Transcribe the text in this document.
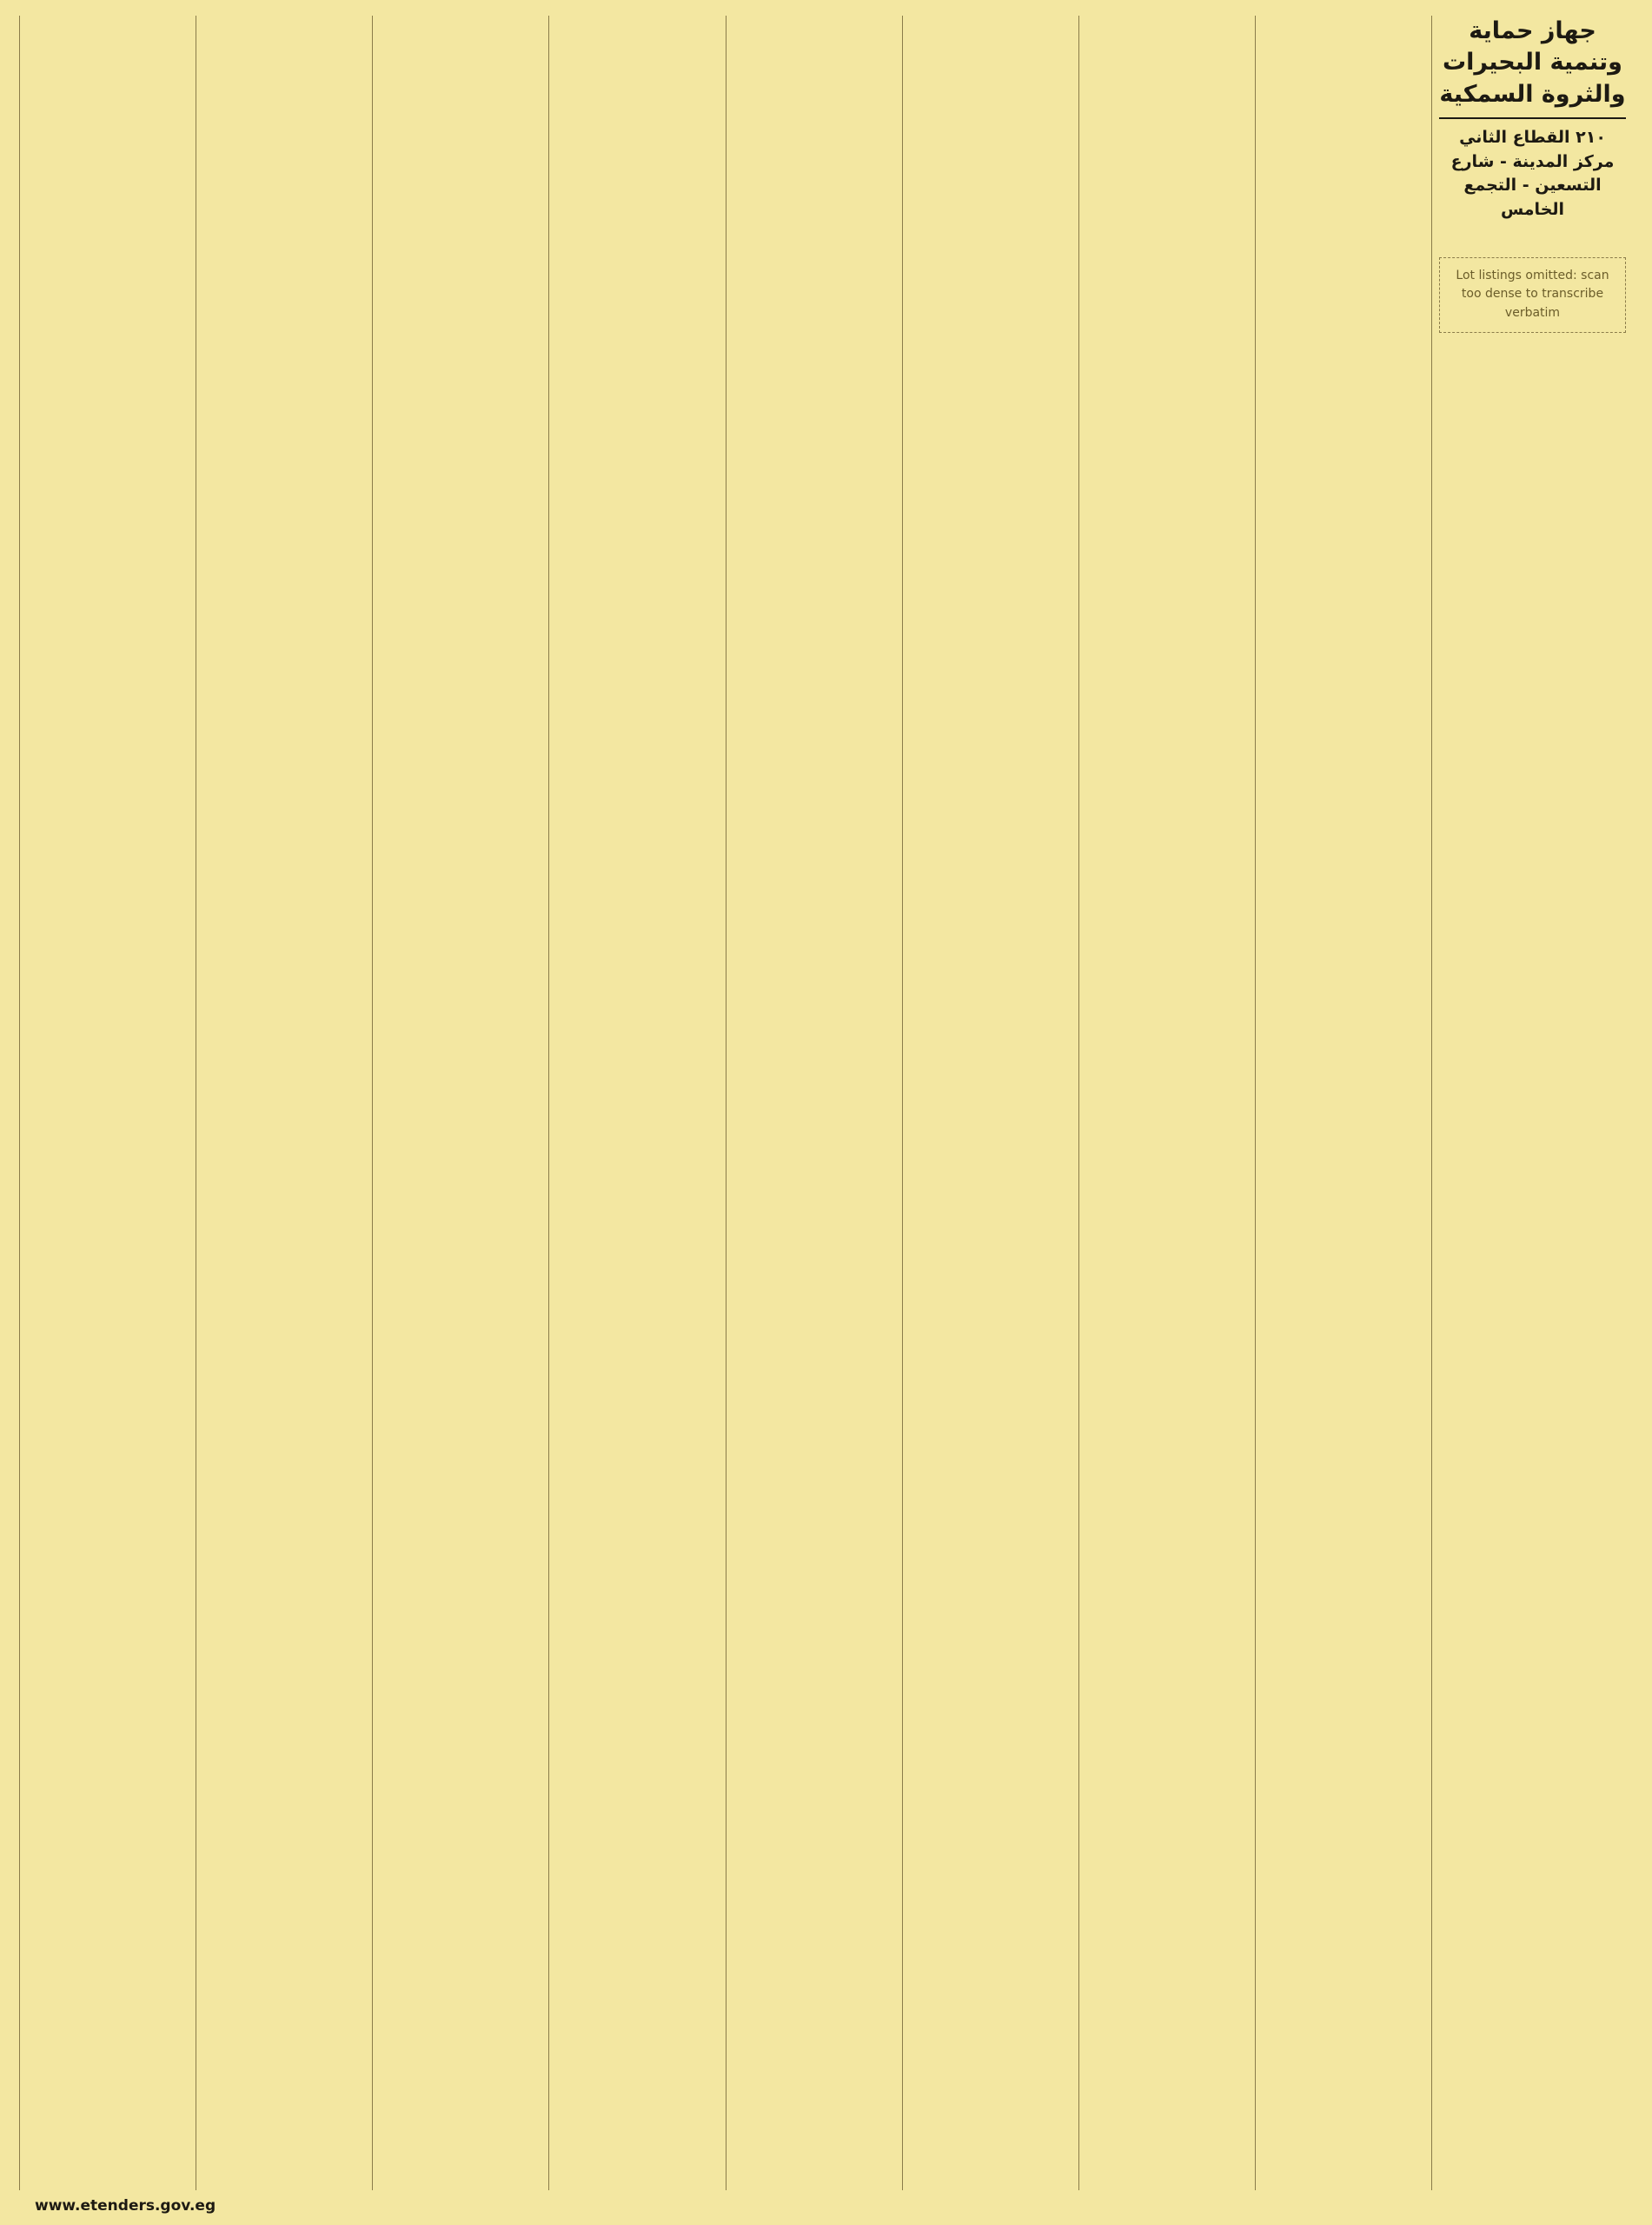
جهاز حماية وتنمية البحيرات والثروة السمكية
٢١٠ القطاع الثاني مركز المدينة - شارع التسعين - التجمع الخامس
Lot listings omitted: scan too dense to transcribe verbatim
www.etenders.gov.eg
